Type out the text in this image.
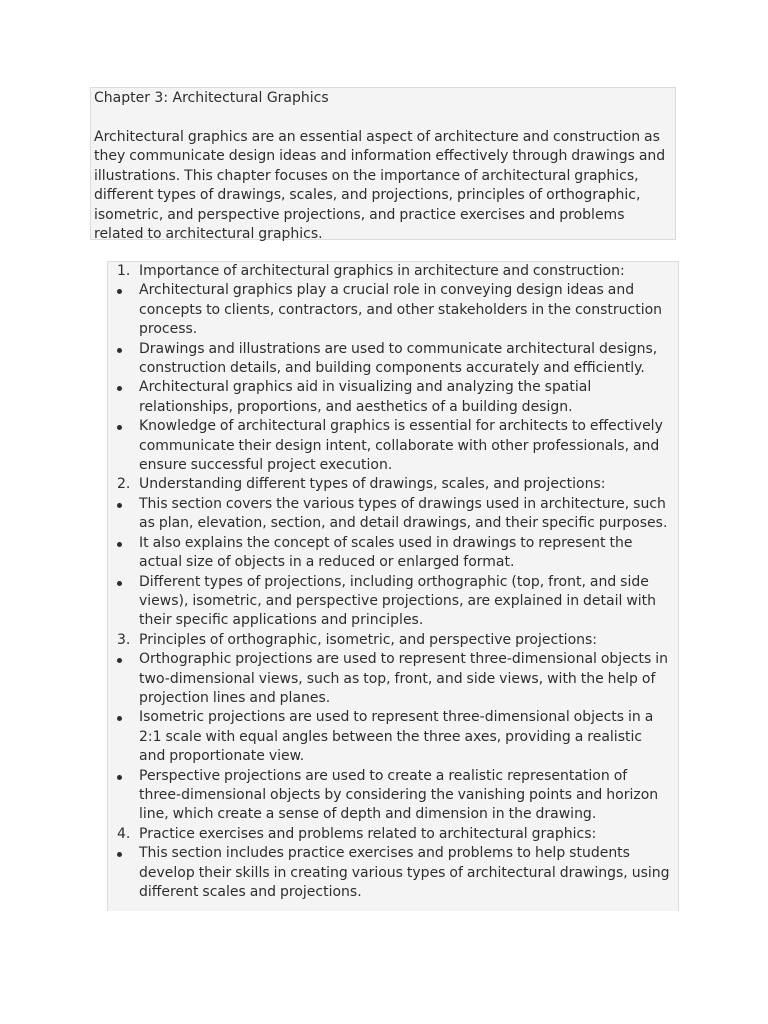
Chapter 3: Architectural Graphics
Architectural graphics are an essential aspect of architecture and construction as they communicate design ideas and information effectively through drawings and illustrations. This chapter focuses on the importance of architectural graphics, different types of drawings, scales, and projections, principles of orthographic, isometric, and perspective projections, and practice exercises and problems related to architectural graphics.
1. Importance of architectural graphics in architecture and construction:
Architectural graphics play a crucial role in conveying design ideas and concepts to clients, contractors, and other stakeholders in the construction process.
Drawings and illustrations are used to communicate architectural designs, construction details, and building components accurately and efficiently.
Architectural graphics aid in visualizing and analyzing the spatial relationships, proportions, and aesthetics of a building design.
Knowledge of architectural graphics is essential for architects to effectively communicate their design intent, collaborate with other professionals, and ensure successful project execution.
2. Understanding different types of drawings, scales, and projections:
This section covers the various types of drawings used in architecture, such as plan, elevation, section, and detail drawings, and their specific purposes.
It also explains the concept of scales used in drawings to represent the actual size of objects in a reduced or enlarged format.
Different types of projections, including orthographic (top, front, and side views), isometric, and perspective projections, are explained in detail with their specific applications and principles.
3. Principles of orthographic, isometric, and perspective projections:
Orthographic projections are used to represent three-dimensional objects in two-dimensional views, such as top, front, and side views, with the help of projection lines and planes.
Isometric projections are used to represent three-dimensional objects in a 2:1 scale with equal angles between the three axes, providing a realistic and proportionate view.
Perspective projections are used to create a realistic representation of three-dimensional objects by considering the vanishing points and horizon line, which create a sense of depth and dimension in the drawing.
4. Practice exercises and problems related to architectural graphics:
This section includes practice exercises and problems to help students develop their skills in creating various types of architectural drawings, using different scales and projections.
